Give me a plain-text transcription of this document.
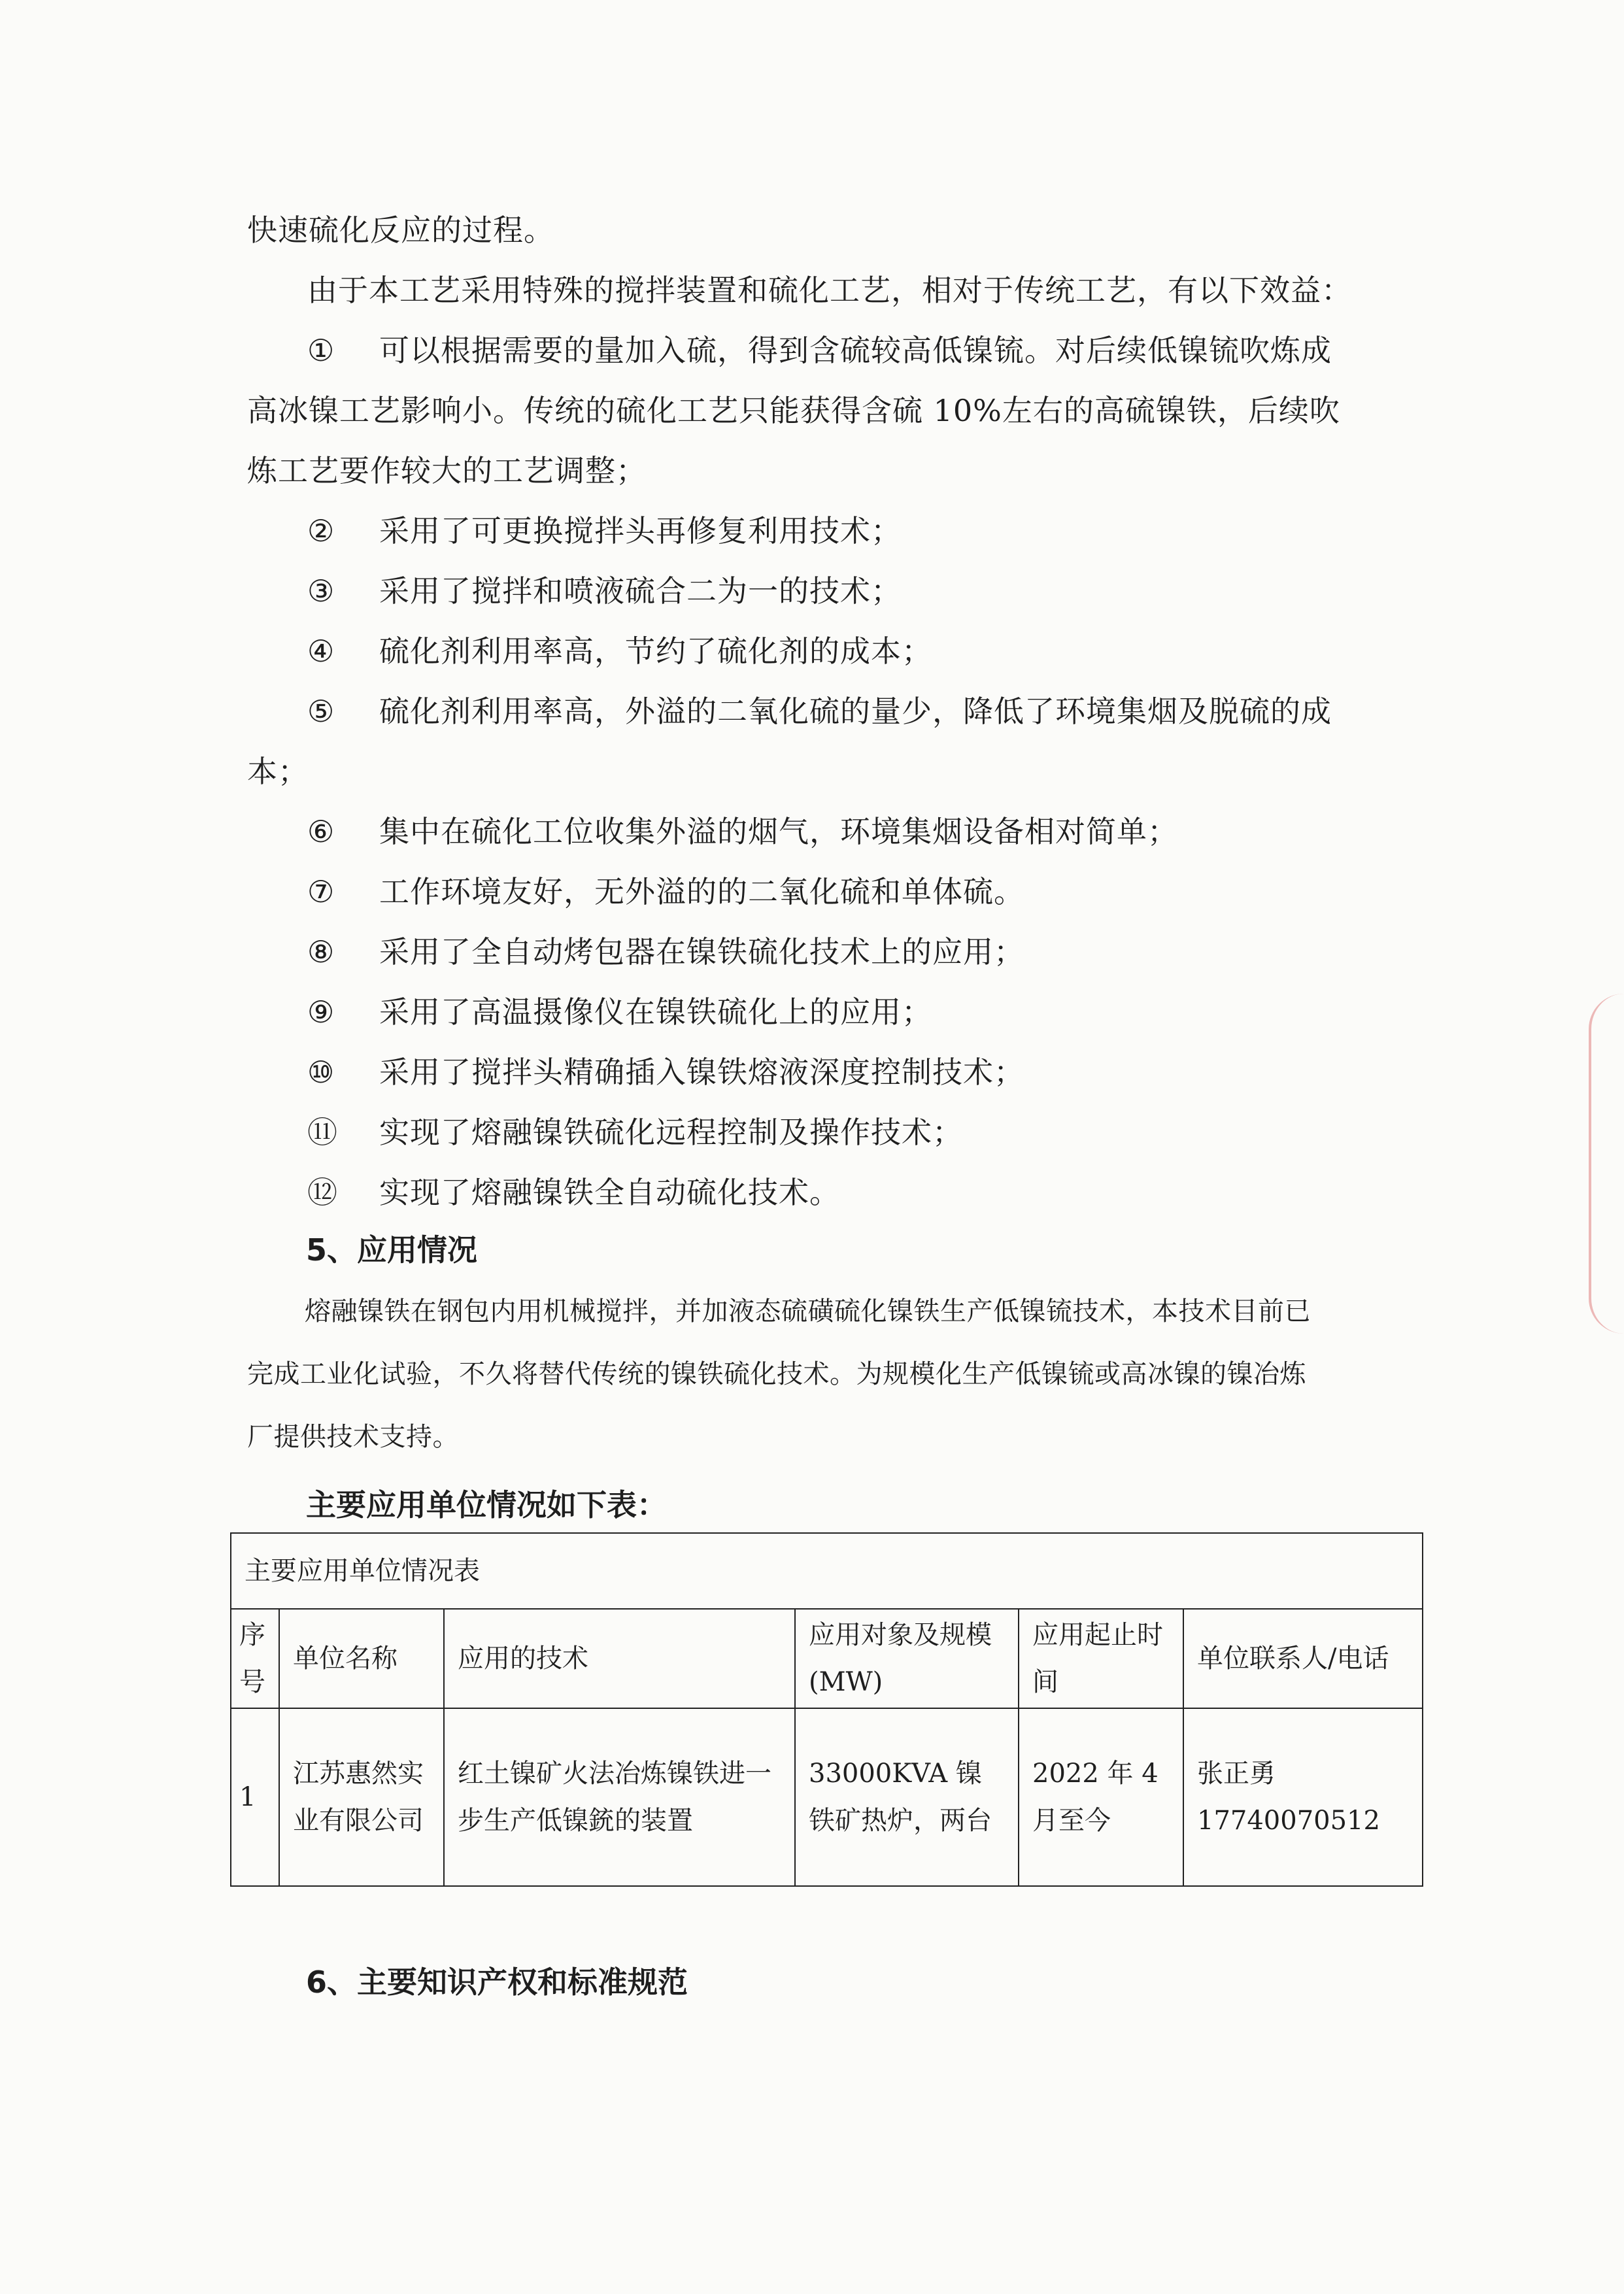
快速硫化反应的过程。

由于本工艺采用特殊的搅拌装置和硫化工艺，相对于传统工艺，有以下效益：

① 可以根据需要的量加入硫，得到含硫较高低镍锍。对后续低镍锍吹炼成

高冰镍工艺影响小。传统的硫化工艺只能获得含硫 10%左右的高硫镍铁，后续吹

炼工艺要作较大的工艺调整；

② 采用了可更换搅拌头再修复利用技术；

③ 采用了搅拌和喷液硫合二为一的技术；

④ 硫化剂利用率高，节约了硫化剂的成本；

⑤ 硫化剂利用率高，外溢的二氧化硫的量少，降低了环境集烟及脱硫的成

本；

⑥ 集中在硫化工位收集外溢的烟气，环境集烟设备相对简单；

⑦ 工作环境友好，无外溢的的二氧化硫和单体硫。

⑧ 采用了全自动烤包器在镍铁硫化技术上的应用；

⑨ 采用了高温摄像仪在镍铁硫化上的应用；

⑩ 采用了搅拌头精确插入镍铁熔液深度控制技术；

⑪ 实现了熔融镍铁硫化远程控制及操作技术；

⑫ 实现了熔融镍铁全自动硫化技术。

5、应用情况

熔融镍铁在钢包内用机械搅拌，并加液态硫磺硫化镍铁生产低镍锍技术，本技术目前已

完成工业化试验，不久将替代传统的镍铁硫化技术。为规模化生产低镍锍或高冰镍的镍冶炼

厂提供技术支持。

主要应用单位情况如下表：

主要应用单位情况表					
序号	单位名称	应用的技术	应用对象及规模(MW)	应用起止时间	单位联系人/电话
1	江苏惠然实业有限公司	红土镍矿火法冶炼镍铁进一步生产低镍銃的装置	33000KVA 镍铁矿热炉，两台	2022 年 4 月至今	张正勇 17740070512

6、主要知识产权和标准规范
